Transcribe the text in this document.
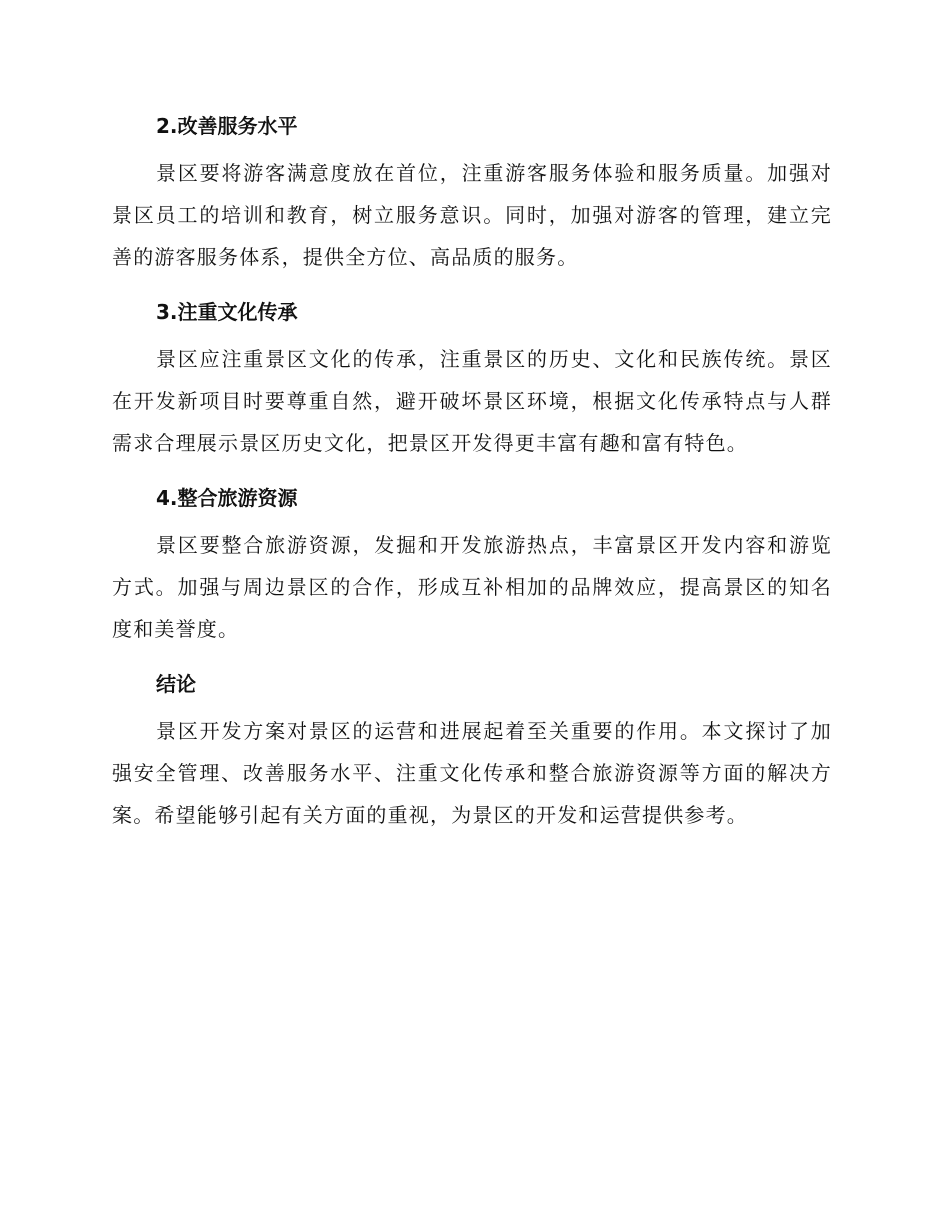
2.改善服务水平

景区要将游客满意度放在首位，注重游客服务体验和服务质量。加强对景区员工的培训和教育，树立服务意识。同时，加强对游客的管理，建立完善的游客服务体系，提供全方位、高品质的服务。

3.注重文化传承

景区应注重景区文化的传承，注重景区的历史、文化和民族传统。景区在开发新项目时要尊重自然，避开破坏景区环境，根据文化传承特点与人群需求合理展示景区历史文化，把景区开发得更丰富有趣和富有特色。

4.整合旅游资源

景区要整合旅游资源，发掘和开发旅游热点，丰富景区开发内容和游览方式。加强与周边景区的合作，形成互补相加的品牌效应，提高景区的知名度和美誉度。

结论

景区开发方案对景区的运营和进展起着至关重要的作用。本文探讨了加强安全管理、改善服务水平、注重文化传承和整合旅游资源等方面的解决方案。希望能够引起有关方面的重视，为景区的开发和运营提供参考。
